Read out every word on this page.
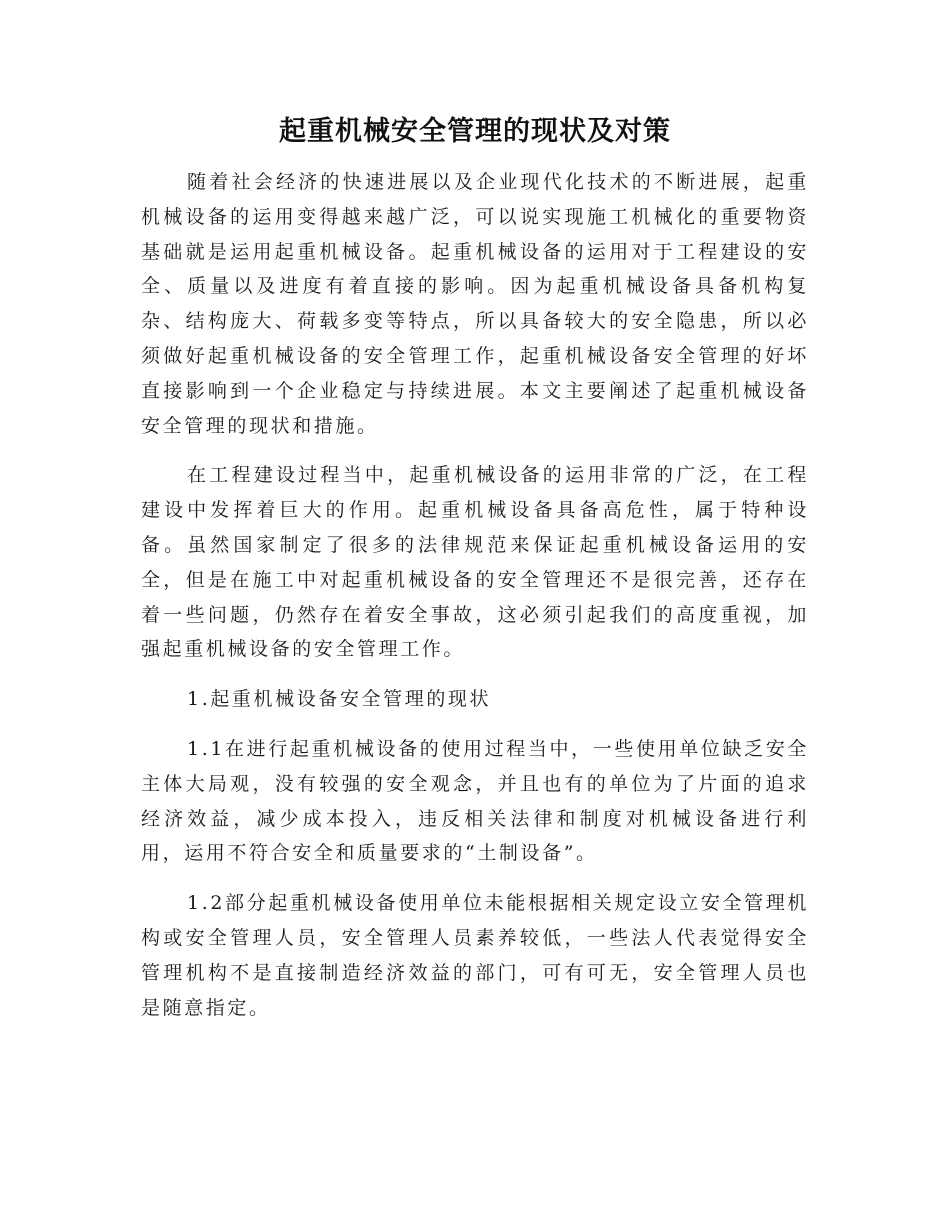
起重机械安全管理的现状及对策

随着社会经济的快速进展以及企业现代化技术的不断进展，起重机械设备的运用变得越来越广泛，可以说实现施工机械化的重要物资基础就是运用起重机械设备。起重机械设备的运用对于工程建设的安全、质量以及进度有着直接的影响。因为起重机械设备具备机构复杂、结构庞大、荷载多变等特点，所以具备较大的安全隐患，所以必须做好起重机械设备的安全管理工作，起重机械设备安全管理的好坏直接影响到一个企业稳定与持续进展。本文主要阐述了起重机械设备安全管理的现状和措施。

在工程建设过程当中，起重机械设备的运用非常的广泛，在工程建设中发挥着巨大的作用。起重机械设备具备高危性，属于特种设备。虽然国家制定了很多的法律规范来保证起重机械设备运用的安全，但是在施工中对起重机械设备的安全管理还不是很完善，还存在着一些问题，仍然存在着安全事故，这必须引起我们的高度重视，加强起重机械设备的安全管理工作。

1.起重机械设备安全管理的现状

1.1在进行起重机械设备的使用过程当中，一些使用单位缺乏安全主体大局观，没有较强的安全观念，并且也有的单位为了片面的追求经济效益，减少成本投入，违反相关法律和制度对机械设备进行利用，运用不符合安全和质量要求的“土制设备”。

1.2部分起重机械设备使用单位未能根据相关规定设立安全管理机构或安全管理人员，安全管理人员素养较低，一些法人代表觉得安全管理机构不是直接制造经济效益的部门，可有可无，安全管理人员也是随意指定。
